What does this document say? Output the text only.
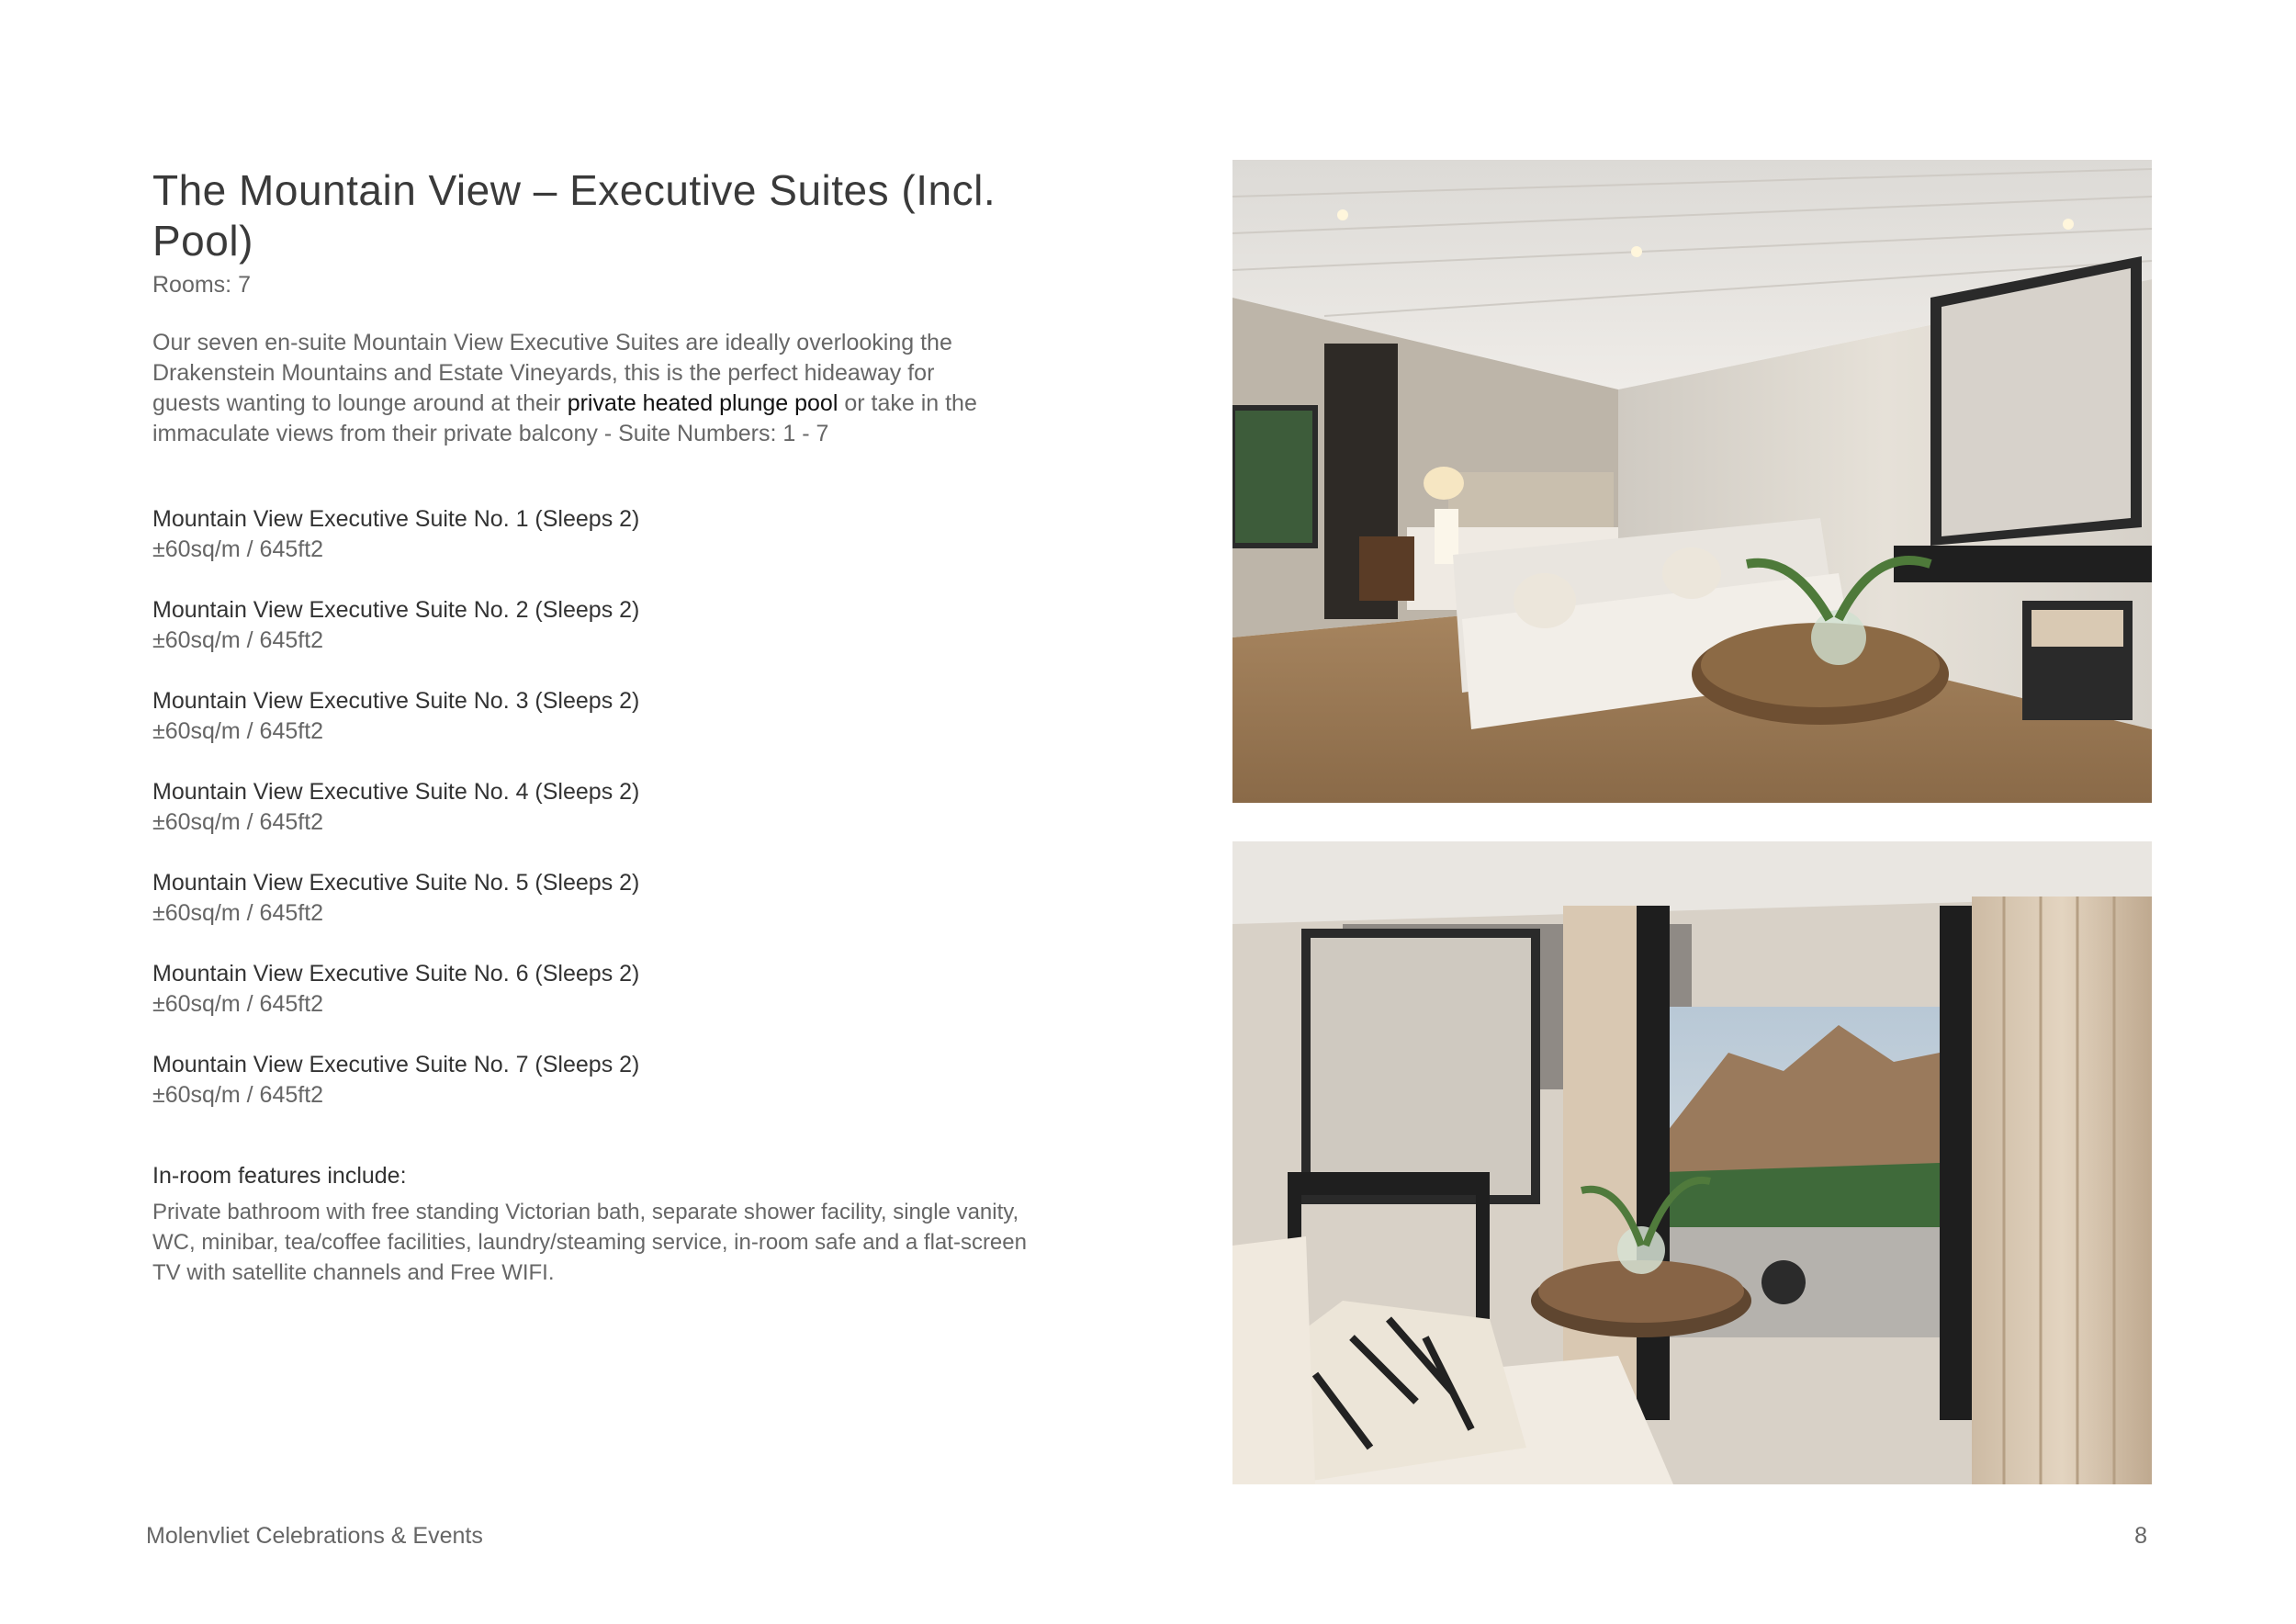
The Mountain View – Executive Suites (Incl. Pool)
Rooms: 7
Our seven en-suite Mountain View Executive Suites are ideally overlooking the Drakenstein Mountains and Estate Vineyards, this is the perfect hideaway for guests wanting to lounge around at their private heated plunge pool or take in the immaculate views from their private balcony - Suite Numbers: 1 - 7
Mountain View Executive Suite No. 1 (Sleeps 2)
±60sq/m / 645ft2
Mountain View Executive Suite No. 2 (Sleeps 2)
±60sq/m / 645ft2
Mountain View Executive Suite No. 3 (Sleeps 2)
±60sq/m / 645ft2
Mountain View Executive Suite No. 4 (Sleeps 2)
±60sq/m / 645ft2
Mountain View Executive Suite No. 5 (Sleeps 2)
±60sq/m / 645ft2
Mountain View Executive Suite No. 6 (Sleeps 2)
±60sq/m / 645ft2
Mountain View Executive Suite No. 7 (Sleeps 2)
±60sq/m / 645ft2
In-room features include:
Private bathroom with free standing Victorian bath, separate shower facility, single vanity, WC, minibar, tea/coffee facilities, laundry/steaming service, in-room safe and a flat-screen TV with satellite channels and Free WIFI.
Molenvliet Celebrations & Events	8
